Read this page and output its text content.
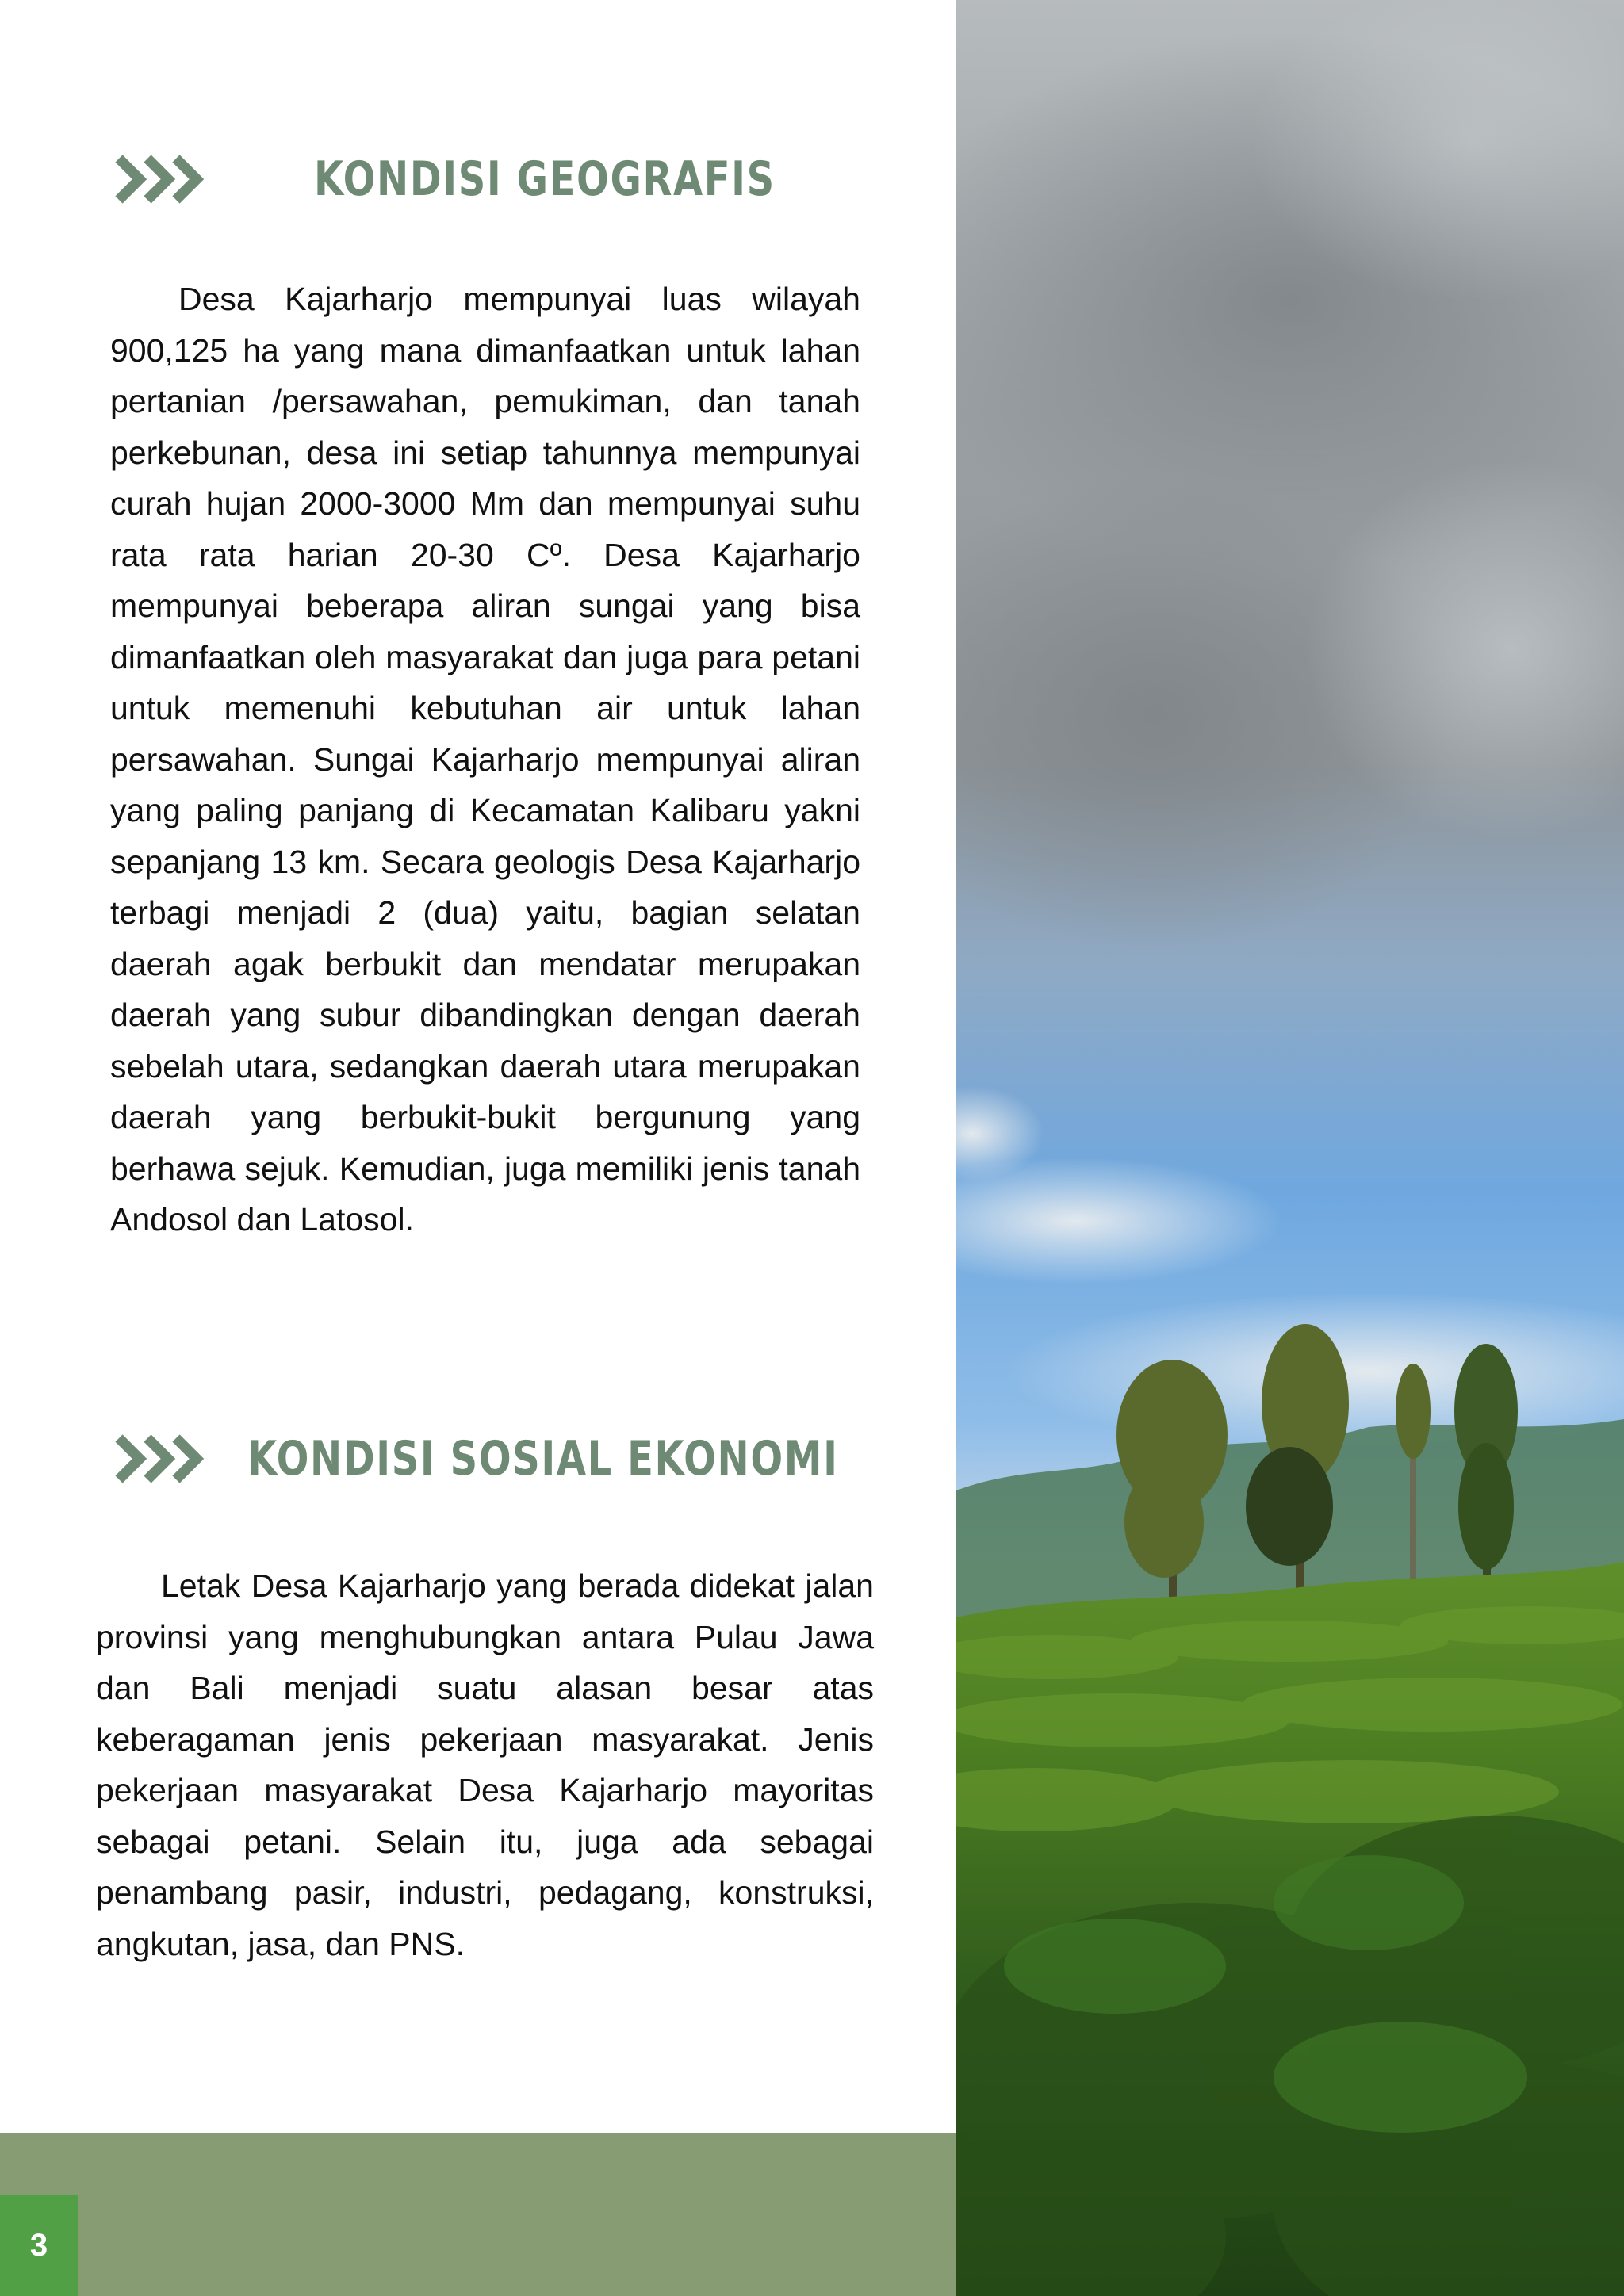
KONDISI GEOGRAFIS

Desa Kajarharjo mempunyai luas wilayah 900,125 ha yang mana dimanfaatkan untuk lahan pertanian /persawahan, pemukiman, dan tanah perkebunan, desa ini setiap tahunnya mempunyai curah hujan 2000-3000 Mm dan mempunyai suhu rata rata harian 20-30 Cº. Desa Kajarharjo mempunyai beberapa aliran sungai yang bisa dimanfaatkan oleh masyarakat dan juga para petani untuk memenuhi kebutuhan air untuk lahan persawahan. Sungai Kajarharjo mempunyai aliran yang paling panjang di Kecamatan Kalibaru yakni sepanjang 13 km. Secara geologis Desa Kajarharjo terbagi menjadi 2 (dua) yaitu, bagian selatan daerah agak berbukit dan mendatar merupakan daerah yang subur dibandingkan dengan daerah sebelah utara, sedangkan daerah utara merupakan daerah yang berbukit-bukit bergunung yang berhawa sejuk. Kemudian, juga memiliki jenis tanah Andosol dan Latosol.

KONDISI SOSIAL EKONOMI

Letak Desa Kajarharjo yang berada didekat jalan provinsi yang menghubungkan antara Pulau Jawa dan Bali menjadi suatu alasan besar atas keberagaman jenis pekerjaan masyarakat. Jenis pekerjaan masyarakat Desa Kajarharjo mayoritas sebagai petani. Selain itu, juga ada sebagai penambang pasir, industri, pedagang, konstruksi, angkutan, jasa, dan PNS.

3
